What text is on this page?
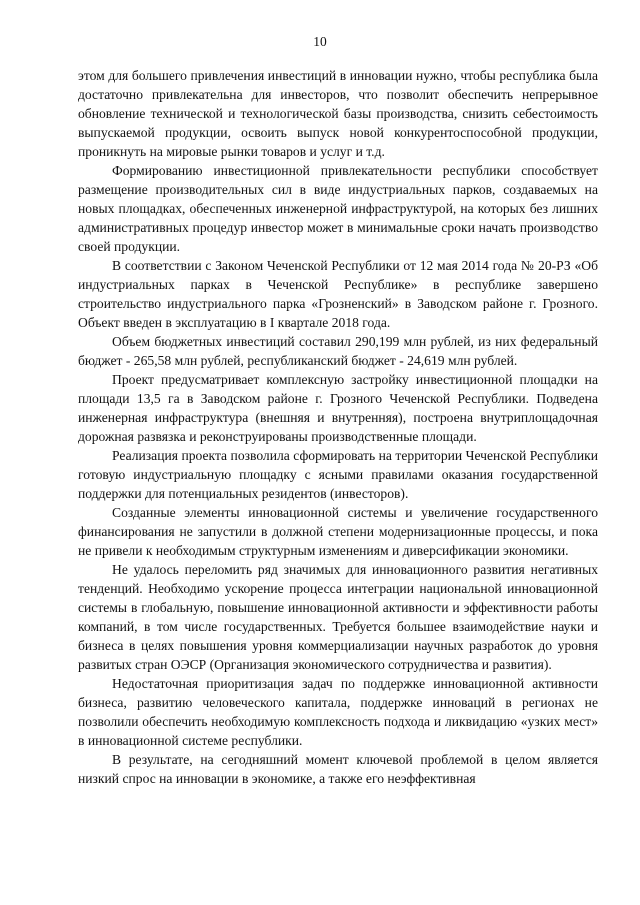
10

этом для большего привлечения инвестиций в инновации нужно, чтобы республика была достаточно привлекательна для инвесторов, что позволит обеспечить непрерывное обновление технической и технологической базы производства, снизить себестоимость выпускаемой продукции, освоить выпуск новой конкурентоспособной продукции, проникнуть на мировые рынки товаров и услуг и т.д.

Формированию инвестиционной привлекательности республики способствует размещение производительных сил в виде индустриальных парков, создаваемых на новых площадках, обеспеченных инженерной инфраструктурой, на которых без лишних административных процедур инвестор может в минимальные сроки начать производство своей продукции.

В соответствии с Законом Чеченской Республики от 12 мая 2014 года № 20-РЗ «Об индустриальных парках в Чеченской Республике» в республике завершено строительство индустриального парка «Грозненский» в Заводском районе г. Грозного. Объект введен в эксплуатацию в I квартале 2018 года.

Объем бюджетных инвестиций составил 290,199 млн рублей, из них федеральный бюджет - 265,58 млн рублей, республиканский бюджет - 24,619 млн рублей.

Проект предусматривает комплексную застройку инвестиционной площадки на площади 13,5 га в Заводском районе г. Грозного Чеченской Республики. Подведена инженерная инфраструктура (внешняя и внутренняя), построена внутриплощадочная дорожная развязка и реконструированы производственные площади.

Реализация проекта позволила сформировать на территории Чеченской Республики готовую индустриальную площадку с ясными правилами оказания государственной поддержки для потенциальных резидентов (инвесторов).

Созданные элементы инновационной системы и увеличение государственного финансирования не запустили в должной степени модернизационные процессы, и пока не привели к необходимым структурным изменениям и диверсификации экономики.

Не удалось переломить ряд значимых для инновационного развития негативных тенденций. Необходимо ускорение процесса интеграции национальной инновационной системы в глобальную, повышение инновационной активности и эффективности работы компаний, в том числе государственных. Требуется большее взаимодействие науки и бизнеса в целях повышения уровня коммерциализации научных разработок до уровня развитых стран ОЭСР (Организация экономического сотрудничества и развития).

Недостаточная приоритизация задач по поддержке инновационной активности бизнеса, развитию человеческого капитала, поддержке инноваций в регионах не позволили обеспечить необходимую комплексность подхода и ликвидацию «узких мест» в инновационной системе республики.

В результате, на сегодняшний момент ключевой проблемой в целом является низкий спрос на инновации в экономике, а также его неэффективная
